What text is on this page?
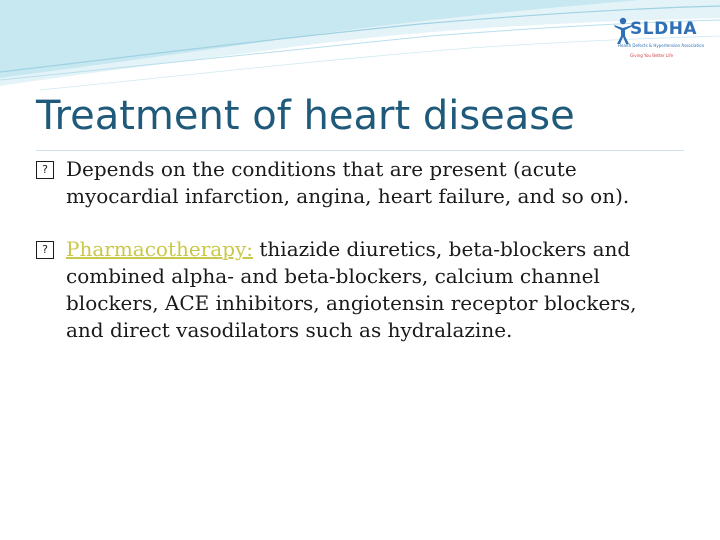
SLDHA
Health Defects & Hypertension Association
Giving You Better Life
Treatment of heart disease

? Depends on the conditions that are present (acute myocardial infarction, angina, heart failure, and so on).

? Pharmacotherapy: thiazide diuretics, beta-blockers and combined alpha- and beta-blockers, calcium channel blockers, ACE inhibitors, angiotensin receptor blockers, and direct vasodilators such as hydralazine.
